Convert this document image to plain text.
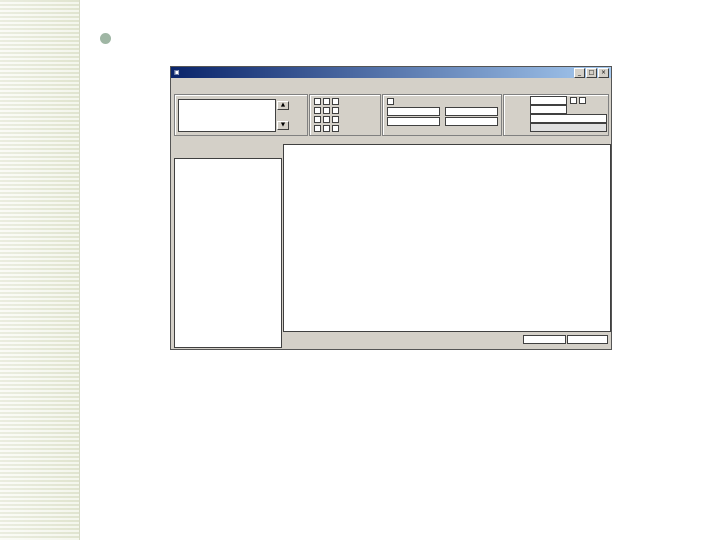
▣	_	□	×
▲
▼
